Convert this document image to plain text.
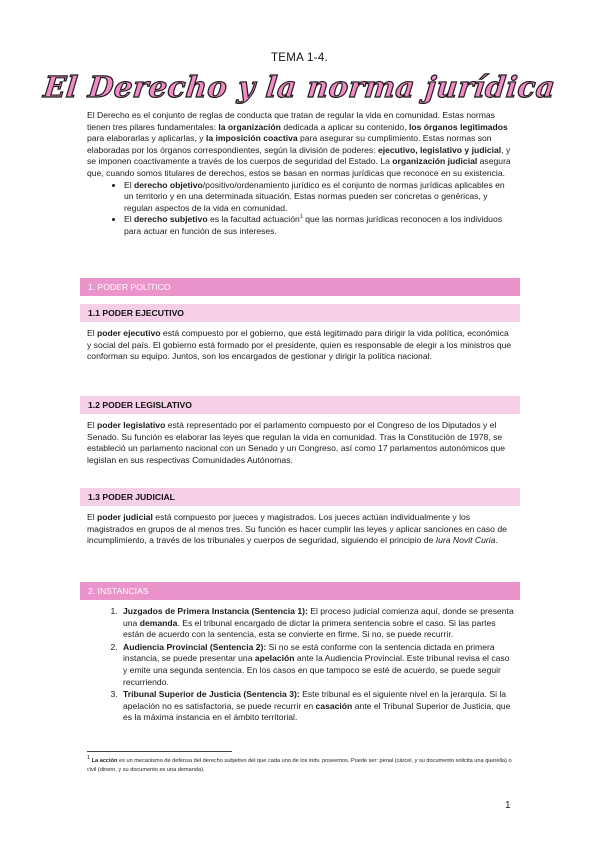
TEMA 1-4.
El Derecho y la norma jurídica

El Derecho es el conjunto de reglas de conducta que tratan de regular la vida en comunidad. Estas normas tienen tres pilares fundamentales: la organización dedicada a aplicar su contenido, los órganos legitimados para elaborarlas y aplicarlas, y la imposición coactiva para asegurar su cumplimiento. Estas normas son elaboradas por los órganos correspondientes, según la división de poderes: ejecutivo, legislativo y judicial, y se imponen coactivamente a través de los cuerpos de seguridad del Estado. La organización judicial asegura que, cuando somos titulares de derechos, estos se basan en normas jurídicas que reconoce en su existencia.

• El derecho objetivo/positivo/ordenamiento jurídico es el conjunto de normas jurídicas aplicables en un territorio y en una determinada situación. Estas normas pueden ser concretas o genéricas, y regulan aspectos de la vida en comunidad.
• El derecho subjetivo es la facultad actuación$^1$ que las normas jurídicas reconocen a los individuos para actuar en función de sus intereses.
1. PODER POLÍTICO
1.1 PODER EJECUTIVO

El poder ejecutivo está compuesto por el gobierno, que está legitimado para dirigir la vida política, económica y social del país. El gobierno está formado por el presidente, quien es responsable de elegir a los ministros que conforman su equipo. Juntos, son los encargados de gestionar y dirigir la política nacional.

1.2 PODER LEGISLATIVO

El poder legislativo está representado por el parlamento compuesto por el Congreso de los Diputados y el Senado. Su función es elaborar las leyes que regulan la vida en comunidad. Tras la Constitución de 1978, se estableció un parlamento nacional con un Senado y un Congreso, así como 17 parlamentos autonómicos que legislan en sus respectivas Comunidades Autónomas.

1.3 PODER JUDICIAL

El poder judicial está compuesto por jueces y magistrados. Los jueces actúan individualmente y los magistrados en grupos de al menos tres. Su función es hacer cumplir las leyes y aplicar sanciones en caso de incumplimiento, a través de los tribunales y cuerpos de seguridad, siguiendo el principio de Iura Novit Curia.

2. INSTANCIAS
1. Juzgados de Primera Instancia (Sentencia 1): El proceso judicial comienza aquí, donde se presenta una demanda. Es el tribunal encargado de dictar la primera sentencia sobre el caso. Si las partes están de acuerdo con la sentencia, esta se convierte en firme. Si no, se puede recurrir.
2. Audiencia Provincial (Sentencia 2): Si no se está conforme con la sentencia dictada en primera instancia, se puede presentar una apelación ante la Audiencia Provincial. Este tribunal revisa el caso y emite una segunda sentencia. En los casos en que tampoco se esté de acuerdo, se puede seguir recurriendo.
3. Tribunal Superior de Justicia (Sentencia 3): Este tribunal es el siguiente nivel en la jerarquía. Si la apelación no es satisfactoria, se puede recurrir en casación ante el Tribunal Superior de Justicia, que es la máxima instancia en el ámbito territorial.
$^1$ La acción es un mecanismo de defensa del derecho subjetivo del que cada uno de los indv. poseemos. Puede ser: penal (cárcel, y su documento solicita una querella) o civil (dinero, y su documento es una demanda).
1
